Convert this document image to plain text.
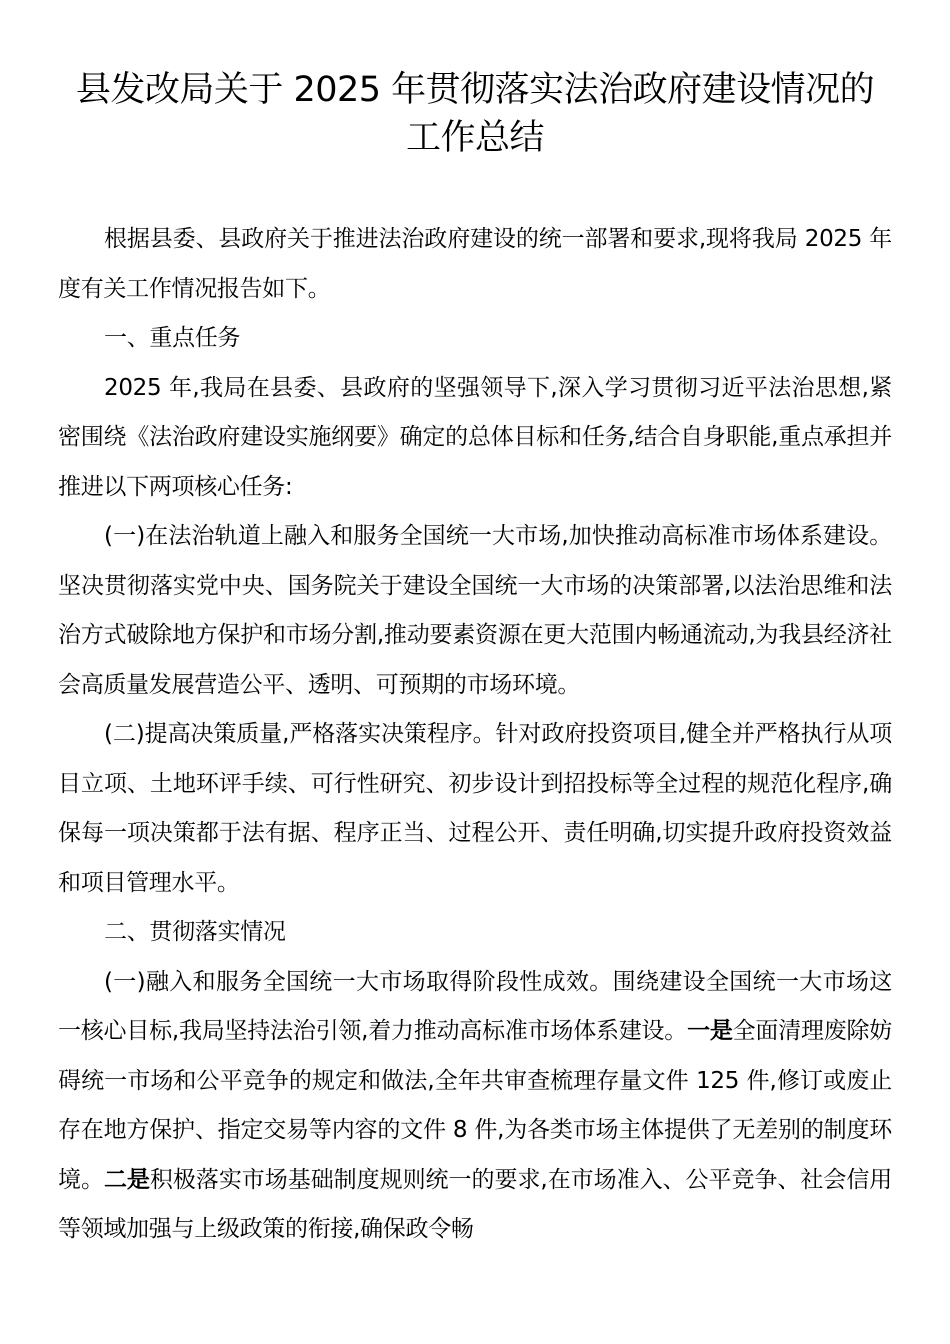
县发改局关于 2025 年贯彻落实法治政府建设情况的
工作总结

根据县委、县政府关于推进法治政府建设的统一部署和要求,现将我局 2025 年度有关工作情况报告如下。

一、重点任务

2025 年,我局在县委、县政府的坚强领导下,深入学习贯彻习近平法治思想,紧密围绕《法治政府建设实施纲要》确定的总体目标和任务,结合自身职能,重点承担并推进以下两项核心任务:

(一)在法治轨道上融入和服务全国统一大市场,加快推动高标准市场体系建设。坚决贯彻落实党中央、国务院关于建设全国统一大市场的决策部署,以法治思维和法治方式破除地方保护和市场分割,推动要素资源在更大范围内畅通流动,为我县经济社会高质量发展营造公平、透明、可预期的市场环境。

(二)提高决策质量,严格落实决策程序。针对政府投资项目,健全并严格执行从项目立项、土地环评手续、可行性研究、初步设计到招投标等全过程的规范化程序,确保每一项决策都于法有据、程序正当、过程公开、责任明确,切实提升政府投资效益和项目管理水平。

二、贯彻落实情况

(一)融入和服务全国统一大市场取得阶段性成效。围绕建设全国统一大市场这一核心目标,我局坚持法治引领,着力推动高标准市场体系建设。一是全面清理废除妨碍统一市场和公平竞争的规定和做法,全年共审查梳理存量文件 125 件,修订或废止存在地方保护、指定交易等内容的文件 8 件,为各类市场主体提供了无差别的制度环境。二是积极落实市场基础制度规则统一的要求,在市场准入、公平竞争、社会信用等领域加强与上级政策的衔接,确保政令畅
